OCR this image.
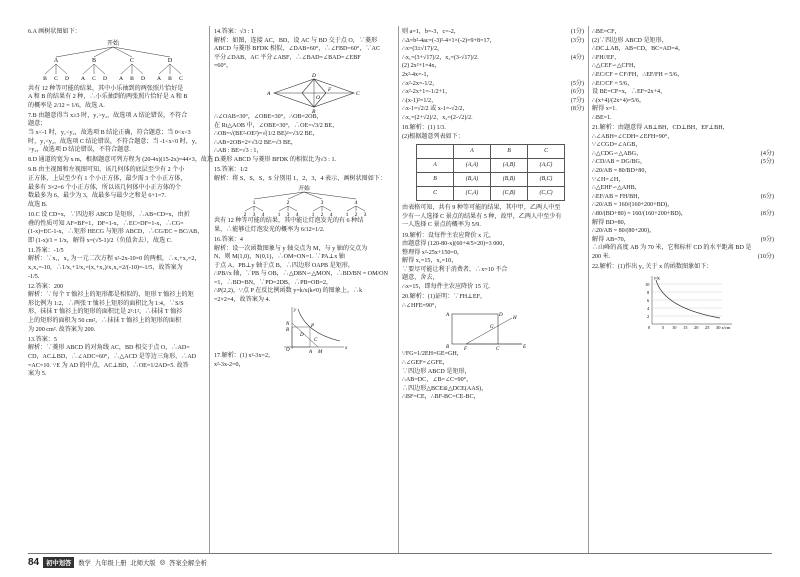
6.A 画树状图如下：
开始
A	B	C	D
B C D A C D A B D A B C
共有 12 种等可能的结果，其中小乐抽到的两张照片恰好是
A 和 B 的结果有 2 种，∴小乐抽到的两张照片恰好是 A 和 B
的概率是 2/12 = 1/6，故选 A.
7.B 由题意得当 x≥3 时，y₁>y₂，故选项 A 结论错误，不符合
题意；
当 x<-1 时，y₁<y₂，故选项 B 结论正确，符合题意；当 0<x<3
时，y₁<y₂，故选项 C 结论错误，不符合题意；当 -1<x<0 时，y₁
>y₂，故选项 D 结论错误，不符合题意.
8.D 通道的宽为 x m，根据题意可列方程为 (20-4x)(15-2x)=44×3，故选 D.
9.B 由主视图和左视图可知，该几何体的底层至少有 2 个小
正方体，上层至少有 1 个小正方体，最少需 3 个小正方体，
最多有 3×2=6 个小正方体，所以该几何体中小正方体的个
数最多为 6，最少为 3，故最多与最少之和是 6+1=7.
故选 B.
10.C 设 CD=x，∵四边形 ABCD 是矩形，∴AB=CD=x，由折
叠的性质可知 AF=BF=1，DF=1-x，∴EC=DF=1-x，∴CG=
(1-x)=EC-1-x，∴矩形 HECG 与矩形 ABCD，∴CG/EC = BC/AB，
即 (1-x)/1 = 1/x，解得 x=(√5-1)/2（负值舍去），故选 C.
11.答案：-1/5
解析：∵x₁，x₂ 为一元二次方程 x²-2x-10=0 的两根，∴x₁+x₂=2，
x₁x₂=-10，∴1/x₁+1/x₂=(x₁+x₂)/x₁x₂=2/(-10)=-1/5，故答案为
-1/5.
12.答案：200
解析：∵每个 T 恤衫上的矩形都是相似的，矩形 T 恤衫上的矩
形比例为 1:2，∴两张 T 恤衫上矩形的面积比为 1:4，∵S/S
形，抹抹 T 恤衫上的矩形的面积比是 2²:1²，∴抹抹 T 恤衫
上的矩形的面积为 50 cm²，∴抹抹 T 恤衫上的矩形的面积
为 200 cm². 故答案为 200.
13.答案：5
解析：∵菱形 ABCD 的对角线 AC，BD 相交于点 O，∴AD=
CD，AC⊥BD，∴∠ADC=60°，∴△ACD 是等边三角形，∴AD
=AC=10. ∵E 为 AD 的中点，AC⊥BD，∴OE=1/2AD=5. 故答
案为 5.
14.答案：√3 : 1
解析：如图，连接 AC，BD，设 AC 与 BD 交于点 O，∵菱形
ABCD 与菱形 BFDK 相似，∠DAB=60°，∴∠FBD=60°，∵AC
平分∠DAB，AC 平分∠ABF，∴∠BAD=∠BAD=∠EBF
=60°，
A	C
D
B
F
O
∴∠OAB=30°，∠OBE=30°，∴OB=2OB，
在 Rt△AOB 中，∠OBE=30°，∴OE=√3/2 BE，
∴OB=√(BE²-OE²)=√(1/2 BE)²=√3/2 BE，
∴AB=2OB=2×√3/2 BE=√3 BE，
∴AB : BE=√3 : 1，
∴菱形 ABCD 与菱形 BFDK 的相似比为√3 : 1.
15.答案：1/2
解析：将 S，S，S，S 分别用 1，2，3，4 表示，画树状图如下：
开始
1	2	3	4
2 3 4	1 3 4	1 2 4	1 2 3
共有 12 种等可能的结果，其中能让灯泡发光的有 6 种结
果，∴能够让灯泡发光的概率为 6/12=1/2.
16.答案：4
解析：设一次函数图象与 y 轴交点为 M，与 y 轴的交点为
N，则 M(1,0)，N(0,1)，∴OM=ON=1. ∵PA⊥x 轴
于点 A，PB⊥y 轴于点 B，∴四边形 OAPB 是矩形，
∴PB//x 轴，∵PB 与 OB，∴△DBN∽△MON，∴BD/BN = OM/ON
=1，∴BD=BN，∵PD=2DB，∴PB=OB=2，
∴P(2,2)，∵点 P 在反比例函数 y=k/x(k≠0) 的图象上，∴k
=2×2=4，故答案为 4.
y
x
O
N
B
P
A
C
M
D
17.解析：(1) x²-3x=2，
x²-3x-2=0，
则 a=1，b=-3，c=-2，	(1分)
∴Δ=b²-4ac=(-3)²-4×1×(-2)=9+8=17，	(3分)
∴x=(3±√17)/2，
∴x₁=(3+√17)/2，x₂=(3-√17)/2.	(4分)
(2) 2x²+1=4x，
2x²-4x=-1，
∴x²-2x=-1/2，	(5分)
∴x²-2x+1=-1/2+1，	(6分)
∴(x-1)²=1/2，	(7分)
∴x-1=√2/2 或 x-1=-√2/2，	(8分)
∴x₁=(2+√2)/2，x₂=(2-√2)/2.
18.解析：(1) 1/3.
(2)根据题意列表如下：
	A	B	C
A	(A,A)	(A,B)	(A,C)
B	(B,A)	(B,B)	(B,C)
C	(C,A)	(C,B)	(C,C)
由表格可知，共有 9 种等可能的结果，其中甲，乙两人中至
少有一人选择 C 景点的结果有 5 种，故甲，乙两人中至少有
一人选择 C 景点的概率为 5/9.
19.解析：设每件主农应降价 x 元，
由题意得 (120-80-x)(60+4/5×20)=3 000，
整理得 x²-25x+150=0，
解得 x₁=15，x₂=10，
∵要尽可能让利于消费者，∴x=10 不合
题意，舍去，
∴x=15，即每件主农应降价 15 元.
20.解析：(1)证明：∵FH⊥EF，
∴∠HFE=90°，
A	D
G
H
B	F	C	E
∵FG=1/2EH=GE=GH，
∴∠GEF=∠GFE，
∵四边形 ABCD 是矩形，
∴AB=DC，∠B=∠C=90°，
∴四边形△BCE≌△DCE(AAS)，
∴BF=CE，∴BF-BC=CE-BC，
∴BE=CF，
(2)∵四边形 ABCD 是矩形，
∴DC⊥AB，AB=CD，BC=AD=4，
∴FH//EF，
∴△CEF∽△CFH，
∴EC/CF = CF/FH，∴EF/FH = 5/6，
∴EC/CF = 5/6，
设 BE=CF=x，∴EF=2x+4，
∴(x+4)/(2x+4)=5/6，
解得 x=1.
∴BE=1.
21.解析：由题意得 AB⊥BH，CD⊥BH，EF⊥BH，
∴∠ABH=∠CDH=∠EFH=90°，
∵∠CGD=∠AGB，
∴△CDG∽△ABG，	(4分)
∴CD/AB = DG/BG，	(5分)
∴20/AB = 80/BD+80，
∵∠H=∠H，
∴△EHF∽△AHB，
∴EF/AB = FH/BH，	(6分)
∴20/AB = 160/(160+200+BD)，
∴80/(BD+80) = 160/(160+200+BD)，	(8分)
解得 BD=80，
∴20/AB = 80/(80+200)，
解得 AB=70，	(9分)
∴山峰的高度 AB 为 70 米，它和标杆 CD 的水平距离 BD 是
200 米.	(10分)
22.解析：(1)作出 y₂ 关于 x 的函数图象如下：
y/g
10
8
6
4
2
0	5 10 15 20 25 30 x/cm
84	初中划答	数学 九年级上册 北师大版 ◎ 答案全解全析
